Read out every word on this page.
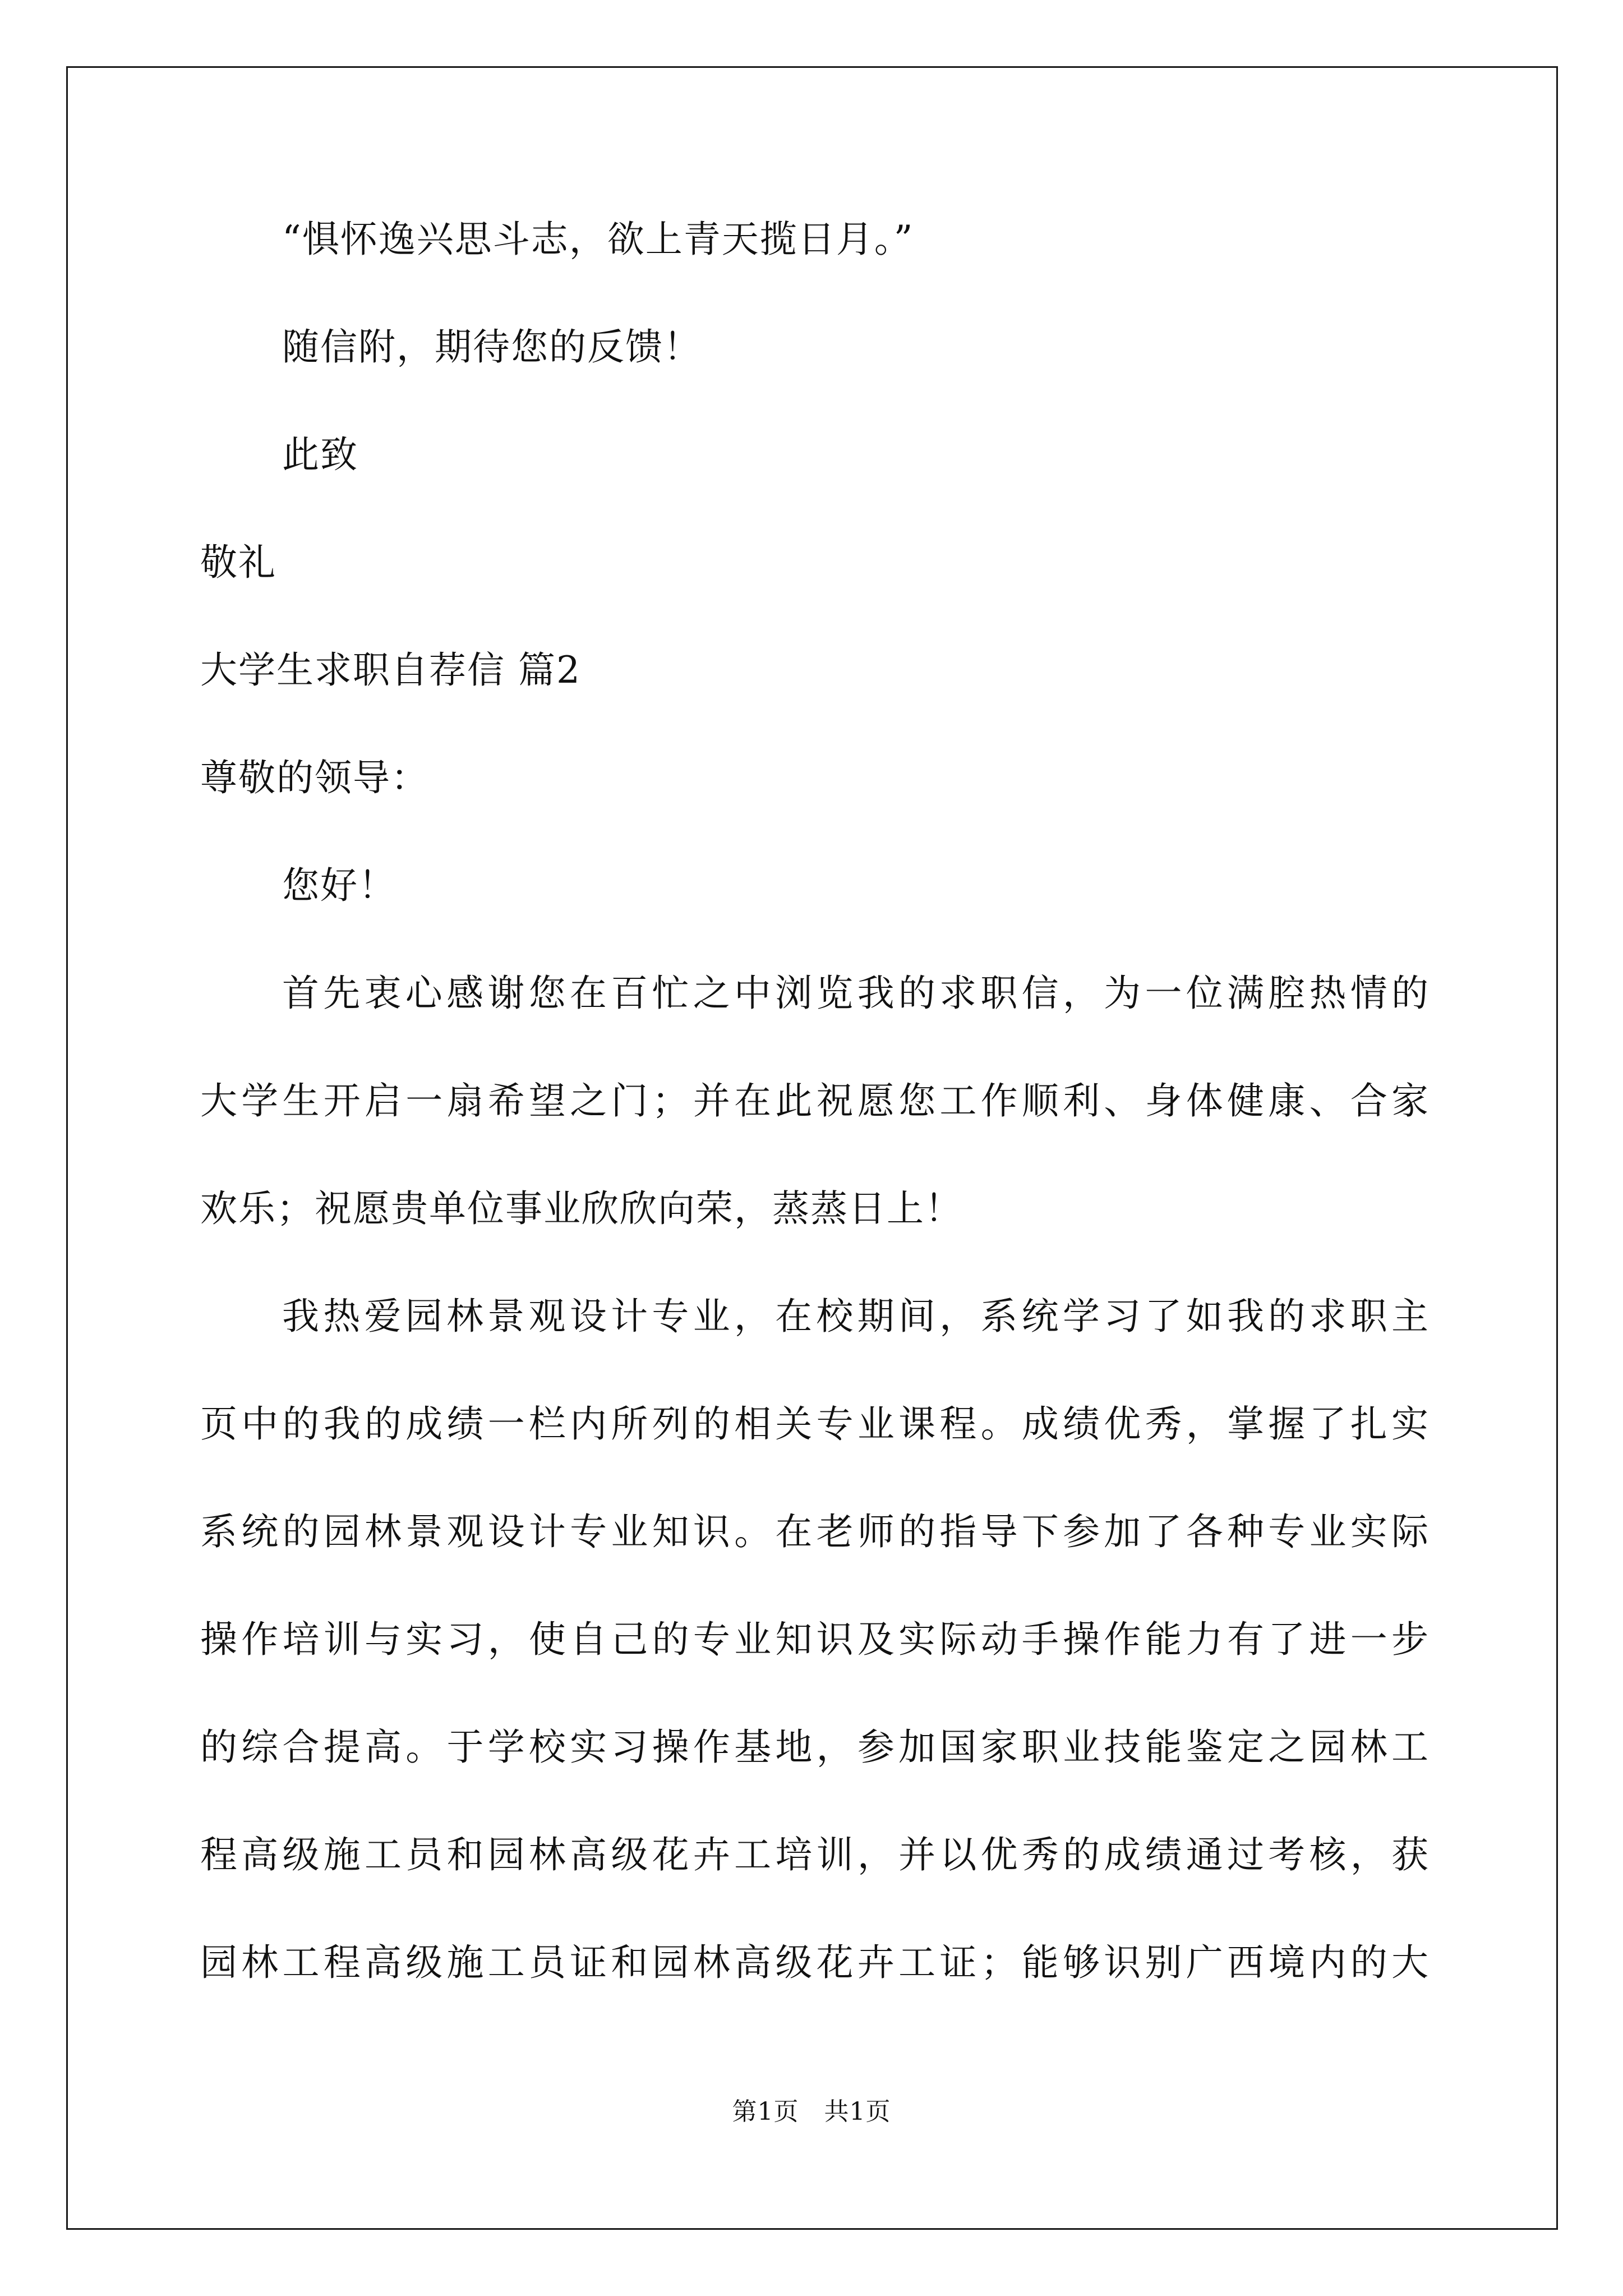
“惧怀逸兴思斗志，欲上青天揽日月。”

随信附，期待您的反馈！

此致

敬礼

大学生求职自荐信 篇2

尊敬的领导：

您好！

首先衷心感谢您在百忙之中浏览我的求职信，为一位满腔热情的

大学生开启一扇希望之门；并在此祝愿您工作顺利、身体健康、合家

欢乐；祝愿贵单位事业欣欣向荣，蒸蒸日上！

我热爱园林景观设计专业，在校期间，系统学习了如我的求职主

页中的我的成绩一栏内所列的相关专业课程。成绩优秀，掌握了扎实

系统的园林景观设计专业知识。在老师的指导下参加了各种专业实际

操作培训与实习，使自己的专业知识及实际动手操作能力有了进一步

的综合提高。于学校实习操作基地，参加国家职业技能鉴定之园林工

程高级施工员和园林高级花卉工培训，并以优秀的成绩通过考核，获

园林工程高级施工员证和园林高级花卉工证；能够识别广西境内的大

第1页　共1页
